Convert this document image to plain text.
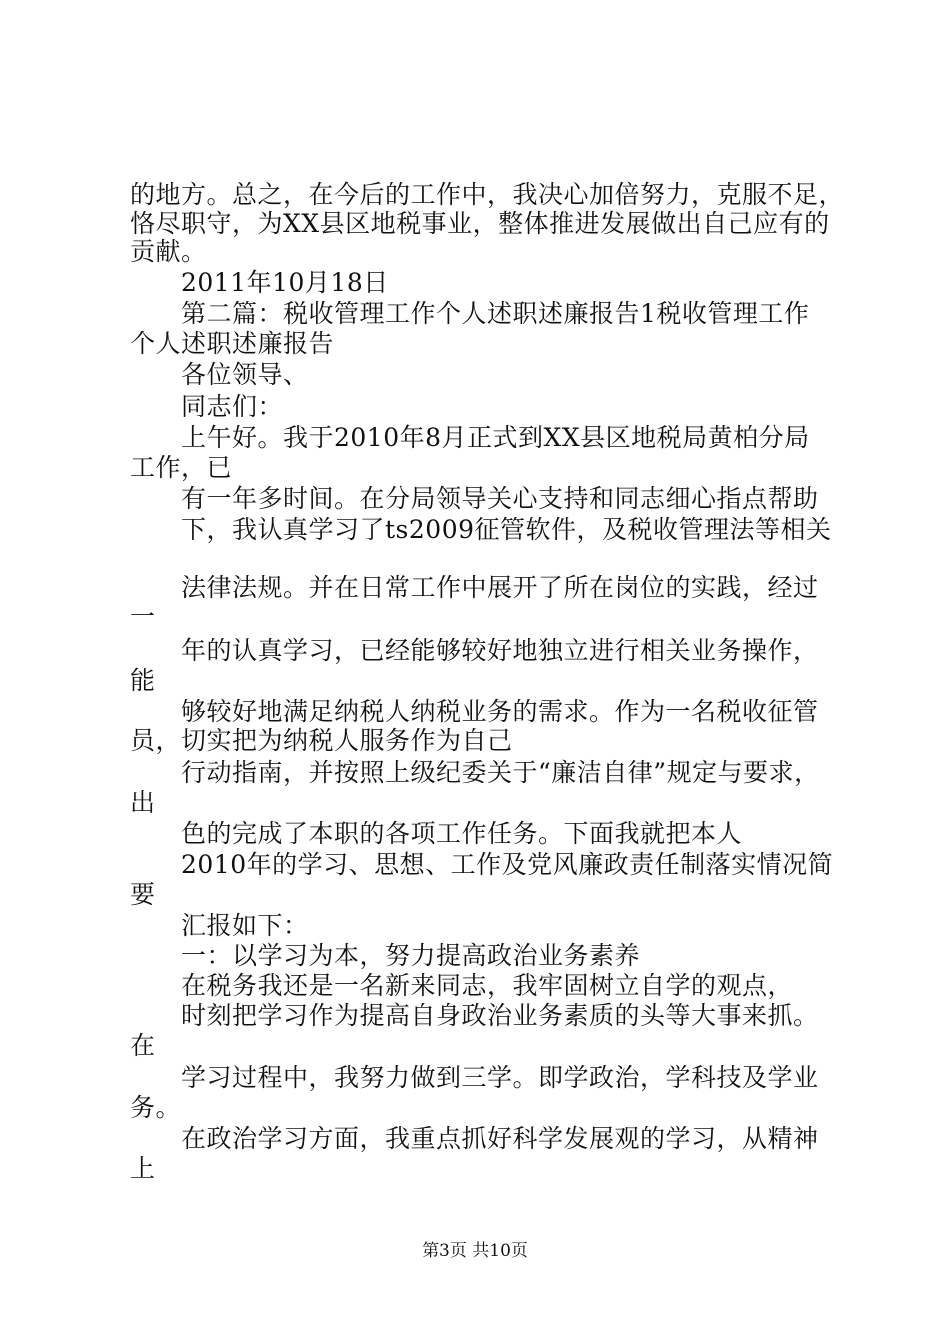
的地方。总之，在今后的工作中，我决心加倍努力，克服不足，
恪尽职守，为XX县区地税事业，整体推进发展做出自己应有的
贡献。
2011年10月18日
第二篇：税收管理工作个人述职述廉报告1税收管理工作
个人述职述廉报告
各位领导、
同志们：
上午好。我于2010年8月正式到XX县区地税局黄柏分局
工作，已
有一年多时间。在分局领导关心支持和同志细心指点帮助
下，我认真学习了ts2009征管软件，及税收管理法等相关
法律法规。并在日常工作中展开了所在岗位的实践，经过
一
年的认真学习，已经能够较好地独立进行相关业务操作，
能
够较好地满足纳税人纳税业务的需求。作为一名税收征管
员，切实把为纳税人服务作为自己
行动指南，并按照上级纪委关于“廉洁自律”规定与要求，
出
色的完成了本职的各项工作任务。下面我就把本人
2010年的学习、思想、工作及党风廉政责任制落实情况简
要
汇报如下：
一：以学习为本，努力提高政治业务素养
在税务我还是一名新来同志，我牢固树立自学的观点，
时刻把学习作为提高自身政治业务素质的头等大事来抓。
在
学习过程中，我努力做到三学。即学政治，学科技及学业
务。
在政治学习方面，我重点抓好科学发展观的学习，从精神
上
第3页 共10页
